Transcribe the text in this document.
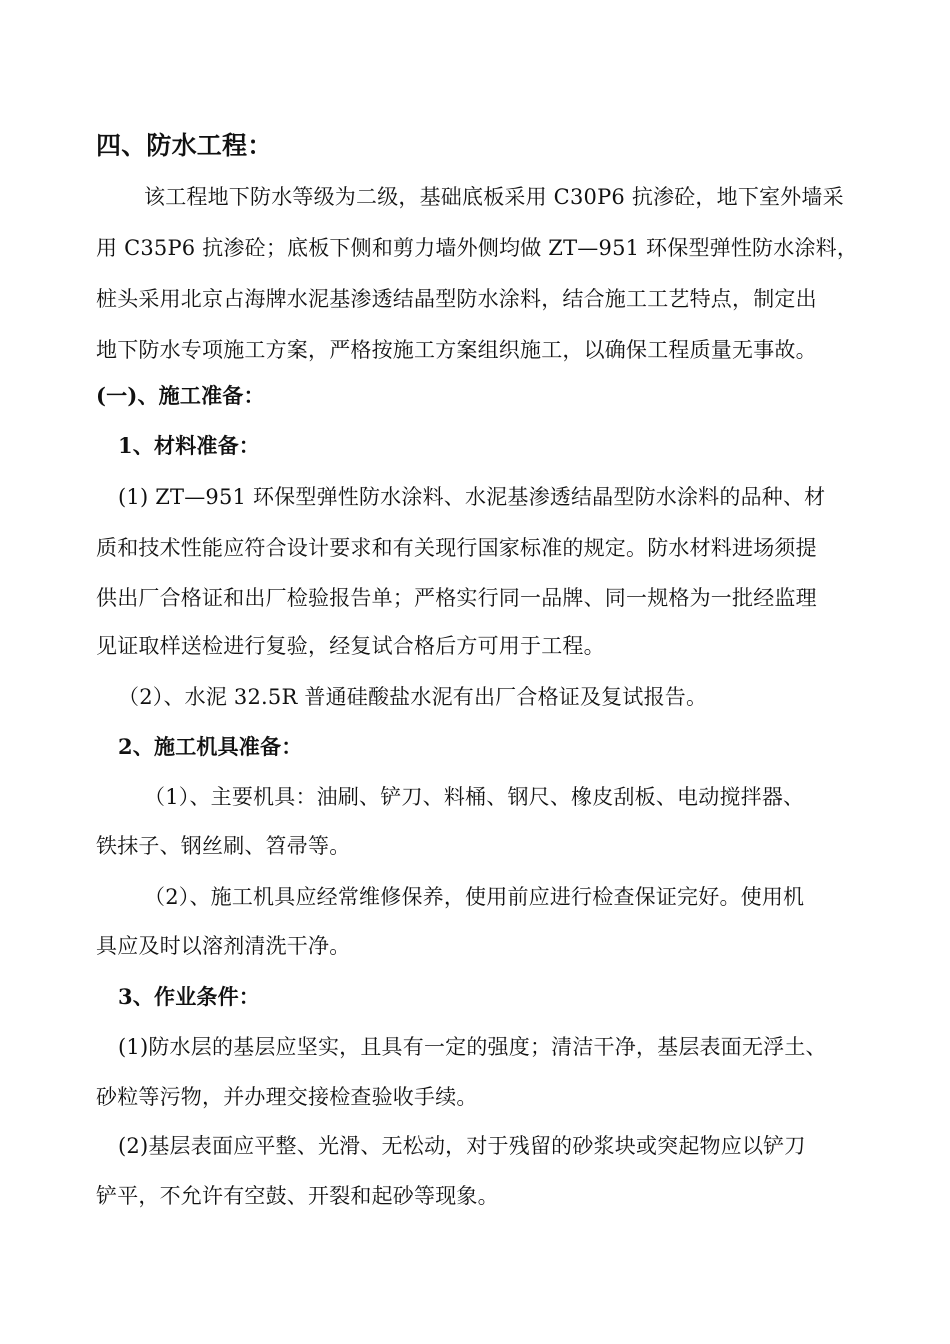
四、防水工程：
该工程地下防水等级为二级，基础底板采用 C30P6 抗渗砼，地下室外墙采
用 C35P6 抗渗砼；底板下侧和剪力墙外侧均做 ZT—951 环保型弹性防水涂料，
桩头采用北京占海牌水泥基渗透结晶型防水涂料，结合施工工艺特点，制定出
地下防水专项施工方案，严格按施工方案组织施工，以确保工程质量无事故。
(一)、施工准备：
1、材料准备：
(1) ZT—951 环保型弹性防水涂料、水泥基渗透结晶型防水涂料的品种、材
质和技术性能应符合设计要求和有关现行国家标准的规定。防水材料进场须提
供出厂合格证和出厂检验报告单；严格实行同一品牌、同一规格为一批经监理
见证取样送检进行复验，经复试合格后方可用于工程。
（2）、水泥 32.5R 普通硅酸盐水泥有出厂合格证及复试报告。
2、施工机具准备：
（1）、主要机具：油刷、铲刀、料桶、钢尺、橡皮刮板、电动搅拌器、
铁抹子、钢丝刷、笤帚等。
（2）、施工机具应经常维修保养，使用前应进行检查保证完好。使用机
具应及时以溶剂清洗干净。
3、作业条件：
(1)防水层的基层应坚实，且具有一定的强度；清洁干净，基层表面无浮土、
砂粒等污物，并办理交接检查验收手续。
(2)基层表面应平整、光滑、无松动，对于残留的砂浆块或突起物应以铲刀
铲平，不允许有空鼓、开裂和起砂等现象。
